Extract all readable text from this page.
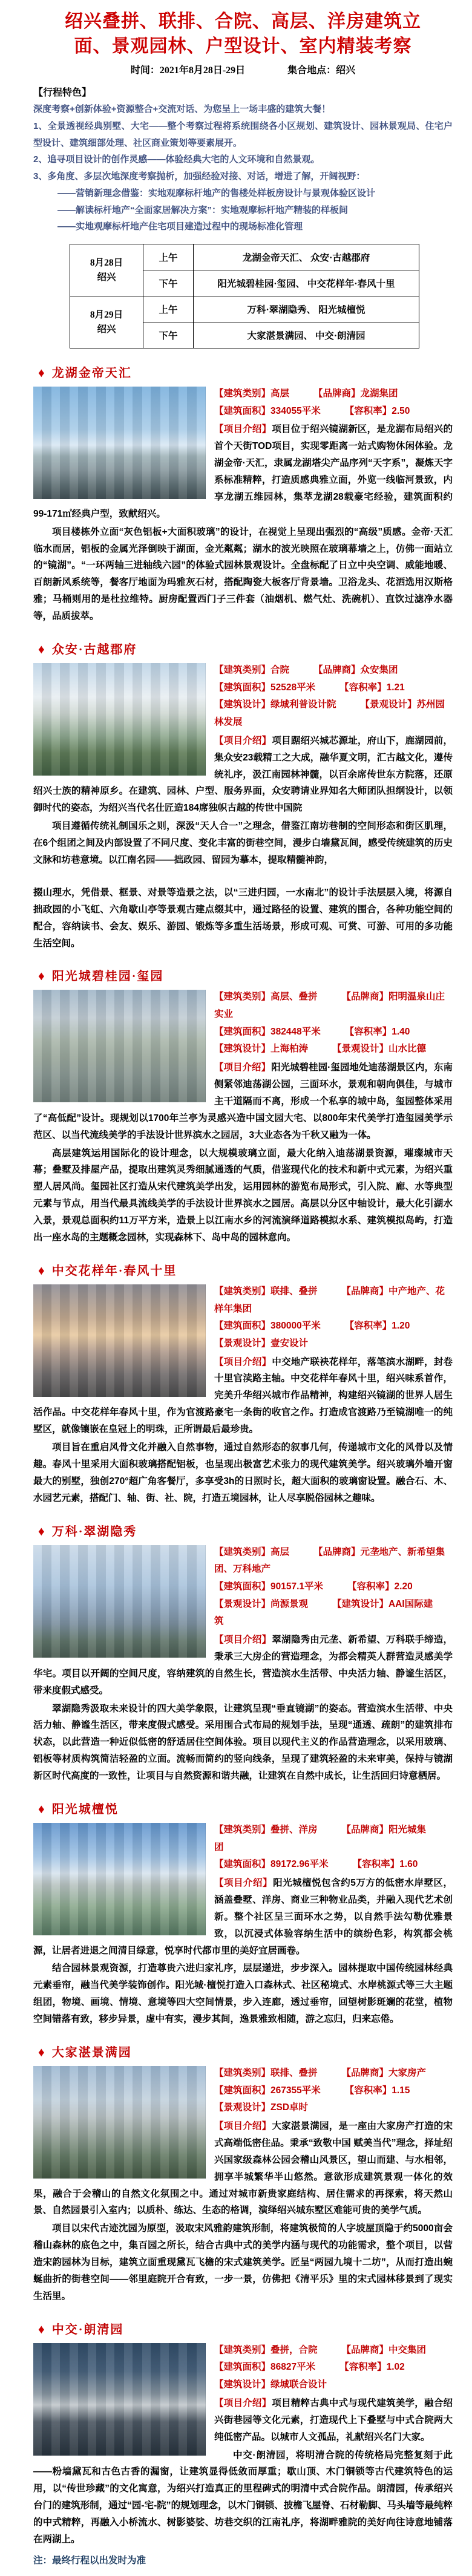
绍兴叠拼、联排、合院、高层、洋房建筑立面、景观园林、户型设计、室内精装考察
时间：2021年8月28日-29日	集合地点：绍兴
【行程特色】
深度考察+创新体验+资源整合+交流对话、为您呈上一场丰盛的建筑大餐！
1、全景透视经典别墅、大宅——整个考察过程将系统围绕各小区规划、建筑设计、园林景观局、住宅户型设计、建筑细部处理、社区商业策划等要素展开。
2、追寻项目设计的创作灵感——体验经典大宅的人文环境和自然景观。
3、多角度、多层次地深度考察抛析，加强经验对接、对话，增进了解，开阔视野：
——营销新理念借鉴：实地观摩标杆地产的售楼处样板房设计与景观体验区设计
——解读标杆地产“全面家居解决方案”：实地观摩标杆地产精装的样板间
——实地观摩标杆地产住宅项目建造过程中的现场标准化管理
8月28日
绍兴	上午	龙湖金帝天汇、 众安·古越郡府
	下午	阳光城碧桂园·玺园、 中交花样年·春风十里

8月29日
绍兴	上午	万科·翠湖隐秀、 阳光城檀悦
	下午	大家湛景满园、 中交·朗清园
♦ 龙湖金帝天汇
【建筑类别】高层	【品牌商】龙湖集团
【建筑面积】334055平米	【容积率】2.50

【项目介绍】项目位于绍兴镜湖新区，是龙湖布局绍兴的首个天街TOD项目，实现零距离一站式购物休闲体验。龙湖金帝·天汇，隶属龙湖塔尖产品序列“天字系”，凝炼天字系标准精粹，打造质感典雅立面，外览一线临河景致，内享龙湖五维园林，集萃龙湖28载豪宅经验，建筑面积约99-171㎡经典户型，致献绍兴。

项目楼栋外立面“灰色铝板+大面积玻璃”的设计，在视觉上呈现出强烈的“高级”质感。金帝·天汇临水而居，铝板的金属光泽倒映于湖面，金光粼粼；湖水的波光映照在玻璃幕墙之上，仿佛一面站立的“镜湖”。“一环两轴三进轴线六园”的体验式园林景观设计。全盘标配了日立中央空调、威能地暖、百朗新风系统等，餐客厅地面为玛雅灰石材，搭配陶瓷大板客厅背景墙。卫浴龙头、花洒选用汉斯格雅；马桶则用的是杜拉维特。厨房配置西门子三件套（油烟机、燃气灶、洗碗机）、直饮过滤净水器等，品质拔萃。

♦ 众安·古越郡府
【建筑类别】合院	【品牌商】众安集团
【建筑面积】52528平米	【容积率】1.21
【建筑设计】绿城利普设计院	【景观设计】苏州园林发展

【项目介绍】项目踞绍兴城芯源址，府山下，鹿湖园前，集众安23载精工之大成，融华夏文明，汇古越文化，遵传统礼序，汲江南园林神髓，以百余席传世东方院落，还原绍兴士族的精神原乡。在建筑、园林、户型、服务界面，众安聘请业界知名大师团队担纲设计，以领御时代的姿态，为绍兴当代名仕匠造184席独帜古越的传世中国院

项目遵循传统礼制国乐之则，深汲“天人合一”之理念，借鉴江南坊巷制的空间形态和街区肌理，在6个组团之间及内部设置了不同尺度、变化丰富的街巷空间，漫步白墙黛瓦间，感受传统建筑的历史文脉和坊巷意境。以江南名园——拙政园、留园为摹本，提取精髓神韵，

掇山理水，凭借景、框景、对景等造景之法，以“三进归园，一水南北”的设计手法层层入境，将源自拙政园的小飞虹、六角歇山亭等景观古建点缀其中，通过路径的设置、建筑的围合，各种功能空间的配合，容纳读书、会友、娱乐、游园、锻炼等多重生活场景，形成可观、可赏、可游、可用的多功能生活空间。

♦ 阳光城碧桂园·玺园
【建筑类别】高层、叠拼	【品牌商】阳明温泉山庄实业
【建筑面积】382448平米	【容积率】1.40
【建筑设计】上海柏涛	【景观设计】山水比德

【项目介绍】阳光城碧桂园·玺园地处迪荡湖景区内，东南侧紧邻迪荡湖公园，三面环水，景观和朝向俱佳，与城市主干道隔而不离，形成一个私享的城中岛，玺园整体采用了“高低配”设计。现规划以1700年兰亭为灵感兴造中国文园大宅、以800年宋代美学打造玺园美学示范区、以当代流线美学的手法设计世界滨水之园居，3大业态各为千秋又融为一体。

高层建筑运用国际化的设计理念，以大规模玻璃立面，最大化纳入迪荡湖景资源，璀璨城市天幕；叠墅及排屋产品，提取出建筑灵秀细腻通透的气质，借鉴现代化的技术和新中式元素，为绍兴重塑人居风尚。玺园社区打造从宋代建筑美学出发，运用园林的游览布局形式，引入院、廊、水等典型元素与节点，用当代最具流线美学的手法设计世界滨水之园居。高层以分区中轴设计，最大化引湖水入景，景观总面积约11万平方米，造景上以江南水乡的河流演绎道路模拟水系、建筑模拟岛屿，打造出一座水岛的主题概念园林，实现森林下、岛中岛的园林意向。

♦ 中交花样年·春风十里
【建筑类别】联排、叠拼	【品牌商】中产地产、花样年集团
【建筑面积】380000平米	【容积率】1.20
【景观设计】壹安设计

【项目介绍】中交地产联袂花样年，落笔滨水湖畔，封卷十里官渎路主轴。中交花样年春风十里，绍兴味系首作，完美升华绍兴城市作品精神，构建绍兴镜湖的世界人居生活作品。中交花样年春风十里，作为官渡路豪宅一条街的收官之作。打造成官渡路乃至镜湖唯一的纯墅区，就像镶嵌在皇冠上的明珠，正所谓最后最珍贵。

项目旨在重启风骨文化并融入自然事物，通过自然形态的叙事几何，传递城市文化的风骨以及情趣。春风十里采用大面积玻璃搭配铝板，也呈现出极富艺术张力的现代建筑美学。绍兴玻璃外墙开窗最大的别墅，独创270°超广角客餐厅，多享受3h的日照时长，超大面积的玻璃窗设置。融合石、木、水园艺元素，搭配门、轴、街、社、院，打造五境园林，让人尽享脱俗园林之趣味。

♦ 万科·翠湖隐秀
【建筑类别】高层	【品牌商】元垄地产、新希望集团、万科地产
【建筑面积】90157.1平米	【容积率】2.20
【景观设计】尚源景观	【建筑设计】AAI国际建筑

【项目介绍】翠湖隐秀由元垄、新希望、万科联手缔造，秉承三大房企的营造理念，为都会精英人群营造灵感美学华宅。项目以开阔的空间尺度，容纳建筑的自然生长，营造滨水生活带、中央活力轴、静谧生活区，带来度假式感受。

翠湖隐秀汲取未来设计的四大美学象限，让建筑呈现“垂直镜湖”的姿态。营造滨水生活带、中央活力轴、静谧生活区，带来度假式感受。采用围合式布局的规划手法，呈现“通透、疏朗”的建筑排布状态，以此营造一种近似低密的舒适居住空间体验。项目以现代主义的作品营造理念，以采用玻璃、铝板等材质构筑简洁轻盈的立面。流畅而简约的竖向线条，呈现了建筑轻盈的未来审美，保持与镜湖新区时代高度的一致性，让项目与自然资源和谐共融，让建筑在自然中成长，让生活回归诗意栖居。

♦ 阳光城檀悦
【建筑类别】叠拼、洋房	【品牌商】阳光城集团
【建筑面积】89172.96平米	【容积率】1.60

【项目介绍】阳光城檀悦包含约5万方的低密水岸墅区，涵盖叠墅、洋房、商业三种物业品类，并融入现代艺术创新。整个社区呈三面环水之势，以自然手法勾勒优雅景致，以沉浸式体验容纳生活中的缤纷色彩，构筑都会桃源，让居者进退之间清目绿意，悦享时代都市里的美好宜居画卷。

结合园林景观资源，打造尊贵六进归家礼序，层层递进，步步深入。园林提取中国传统园林经典元素垂帘，融当代美学装饰创作。阳光城·檀悦打造入口森林式、社区秘境式、水岸桃源式等三大主题组团，物境、画境、情境、意境等四大空间情景，步入连廊，透过垂帘，回望树影斑斓的花堂，植物空间错落有致，移步异景，虚中有实，漫步其间，逸景雅致相随，游之忘归，归来忘倦。

♦ 大家湛景满园
【建筑类别】联排、叠拼	【品牌商】大家房产
【建筑面积】267355平米	【容积率】1.15
【景观设计】ZSD卓时

【项目介绍】大家湛景满园，是一座由大家房产打造的宋式高端低密住品。秉承“致敬中国 赋美当代”理念，择址绍兴国家级森林公园会稽山风景区，望山而建、与水相邻，拥享半城繁华半山悠然。意欲形成建筑景观一体化的效果，融合于会稽山的自然文化氛围之中。通过对城市新贵家庭结构、居住需求的再探索，将天然山景、自然园景引入室内；以质朴、练达、生态的格调，演绎绍兴城东墅区难能可贵的美学气质。

项目以宋代古迹沈园为原型，汲取宋风雅韵建筑形制，将建筑极简的人字坡屋顶隐于约5000亩会稽山森林的底色之中，集百园之所长，结合古典中式的美学内涵与现代的功能需求，整个项目，以营造宋韵园林为目标，建筑立面重现黛瓦飞檐的宋式建筑美学。匠呈“两园九境十二坊”，从而打造出蜿蜒曲折的街巷空间——邻里庭院开合有致，一步一景，仿佛把《清平乐》里的宋式园林移景到了现实生活里。

♦ 中交·朗清园
【建筑类别】叠拼，合院	【品牌商】中交集团
【建筑面积】86827平米	【容积率】1.02
【建筑设计】绿城联合设计

【项目介绍】项目精粹古典中式与现代建筑美学，融合绍兴街巷园等文化元素，打造现代上下叠墅与中式合院两大纯低密产品。以城市人文孤品，礼献绍兴名门大家。

中交·朗清园，将明清合院的传统格局完整复刻于此——粉墙黛瓦和古色古香的漏窗，让建筑显得低敛而厚重；歇山顶、木门铜锁等古代建筑特色的运用，以“传世珍藏”的文化寓意，为绍兴打造真正的里程碑式的明清中式合院作品。朗清园，传承绍兴台门的建筑形制，通过“园-宅-院”的规划理念，以木门铜锁、披檐飞屋脊、石材勒脚、马头墙等最纯粹的中式精粹，再融入小桥流水、树影婆娑、坊巷交织的江南礼序，将湖畔雅院的美好向往诗意地铺落在两湖上。

注：最终行程以出发时为准
